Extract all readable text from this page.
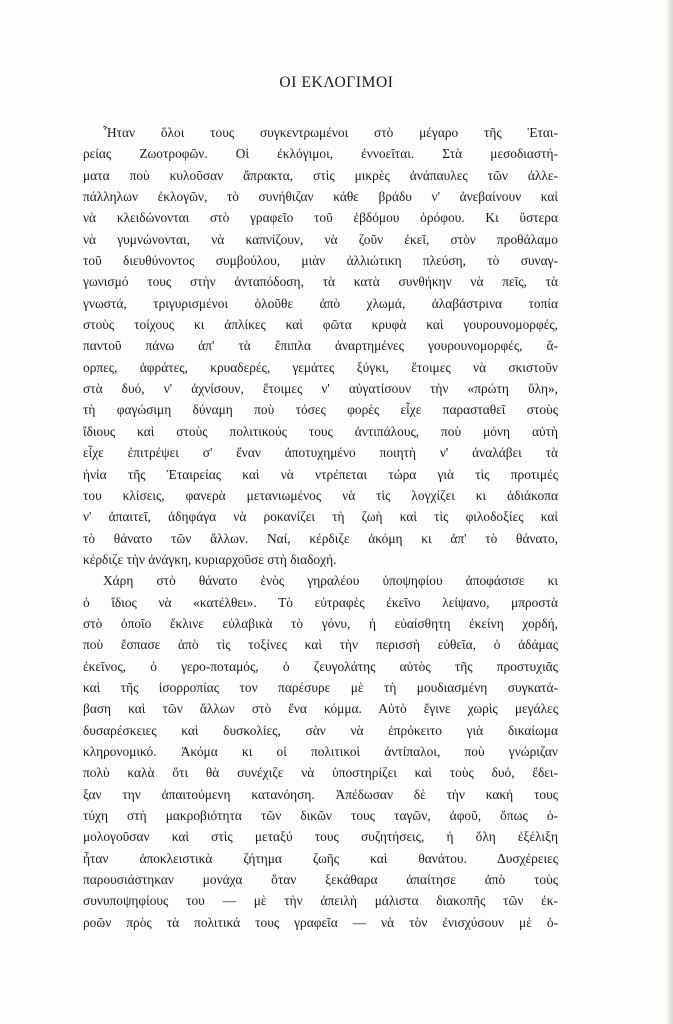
ΟΙ ΕΚΛΟΓΙΜΟΙ
Ἦταν ὅλοι τους συγκεντρωμένοι στὸ μέγαρο τῆς Ἑται-
ρείας Ζωοτροφῶν. Οἱ ἐκλόγιμοι, ἐννοεῖται. Στὰ μεσοδιαστή-
ματα ποὺ κυλοῦσαν ἄπρακτα, στὶς μικρὲς ἀνάπαυλες τῶν ἀλλε-
πάλληλων ἐκλογῶν, τὸ συνήθιζαν κάθε βράδυ ν' ἀνεβαίνουν καὶ
νὰ κλειδώνονται στὸ γραφεῖο τοῦ ἑβδόμου ὀρόφου. Κι ὕστερα
νὰ γυμνώνονται, νὰ καπνίζουν, νὰ ζοῦν ἐκεῖ, στὸν προθάλαμο
τοῦ διευθύνοντος συμβούλου, μιὰν ἀλλιώτικη πλεύση, τὸ συναγ-
γωνισμό τους στὴν ἀνταπόδοση, τὰ κατὰ συνθήκην νὰ πεῖς, τὰ
γνωστά, τριγυρισμένοι ὁλοῦθε ἀπὸ χλωμά, ἀλαβάστρινα τοπία
στοὺς τοίχους κι ἀπλίκες καὶ φῶτα κρυφὰ καὶ γουρουνομορφές,
παντοῦ πάνω ἀπ' τὰ ἔπιπλα ἀναρτημένες γουρουνομορφές, ἄ-
ορπες, ἀφράτες, κρυαδερές, γεμάτες ξύγκι, ἕτοιμες νὰ σκιστοῦν
στὰ δυό, ν' ἀχνίσουν, ἕτοιμες ν' αὐγατίσουν τὴν «πρώτη ὕλη»,
τὴ φαγώσιμη δύναμη ποὺ τόσες φορὲς εἶχε παρασταθεῖ στοὺς
ἴδιους καὶ στοὺς πολιτικούς τους ἀντιπάλους, ποὺ μόνη αὐτὴ
εἶχε ἐπιτρέψει σ' ἕναν ἀποτυχημένο ποιητὴ ν' ἀναλάβει τὰ
ἡνία τῆς Ἑταιρείας καὶ νὰ ντρέπεται τώρα γιὰ τὶς προτιμές
του κλίσεις, φανερὰ μετανιωμένος νὰ τὶς λογχίζει κι ἀδιάκοπα
ν' ἀπαιτεῖ, ἀδηφάγα νὰ ροκανίζει τὴ ζωὴ καὶ τὶς φιλοδοξίες καὶ
τὸ θάνατο τῶν ἄλλων. Ναί, κέρδιζε ἀκόμη κι ἀπ' τὸ θάνατο,
κέρδιζε τὴν ἀνάγκη, κυριαρχοῦσε στὴ διαδοχή.
Χάρη στὸ θάνατο ἑνὸς γηραλέου ὑποψηφίου ἀποφάσισε κι
ὁ ἴδιος νὰ «κατέλθει». Τὸ εὐτραφὲς ἐκεῖνο λείψανο, μπροστὰ
στὸ ὁποῖο ἔκλινε εὐλαβικὰ τὸ γόνυ, ἡ εὐαίσθητη ἐκείνη χορδή,
ποὺ ἔσπασε ἀπὸ τὶς τοξίνες καὶ τὴν περισσὴ εὐθεῖα, ὁ ἀδάμας
ἐκεῖνος, ὁ γερο-ποταμός, ὁ ζευγολάτης αὐτὸς τῆς προστυχιᾶς
καὶ τῆς ἰσορροπίας τον παρέσυρε μὲ τὴ μουδιασμένη συγκατά-
βαση καὶ τῶν ἄλλων στὸ ἕνα κόμμα. Αὐτὸ ἔγινε χωρὶς μεγάλες
δυσαρέσκειες καὶ δυσκολίες, σὰν νὰ ἐπρόκειτο γιὰ δικαίωμα
κληρονομικό. Ἀκόμα κι οἱ πολιτικοὶ ἀντίπαλοι, ποὺ γνώριζαν
πολὺ καλὰ ὅτι θὰ συνέχιζε νὰ ὑποστηρίζει καὶ τοὺς δυό, ἔδει-
ξαν την ἀπαιτούμενη κατανόηση. Ἀπέδωσαν δὲ τὴν κακή τους
τύχη στὴ μακροβιότητα τῶν δικῶν τους ταγῶν, ἀφοῦ, ὅπως ὁ-
μολογοῦσαν καὶ στὶς μεταξύ τους συζητήσεις, ἡ ὅλη ἐξέλιξη
ἦταν ἀποκλειστικὰ ζήτημα ζωῆς καὶ θανάτου. Δυσχέρειες
παρουσιάστηκαν μονάχα ὅταν ξεκάθαρα ἀπαίτησε ἀπὸ τοὺς
συνυποψηφίους του — μὲ τὴν ἀπειλὴ μάλιστα διακοπῆς τῶν ἐκ-
ροῶν πρὸς τὰ πολιτικά τους γραφεῖα — νὰ τὸν ἐνισχύσουν μὲ ὁ-
